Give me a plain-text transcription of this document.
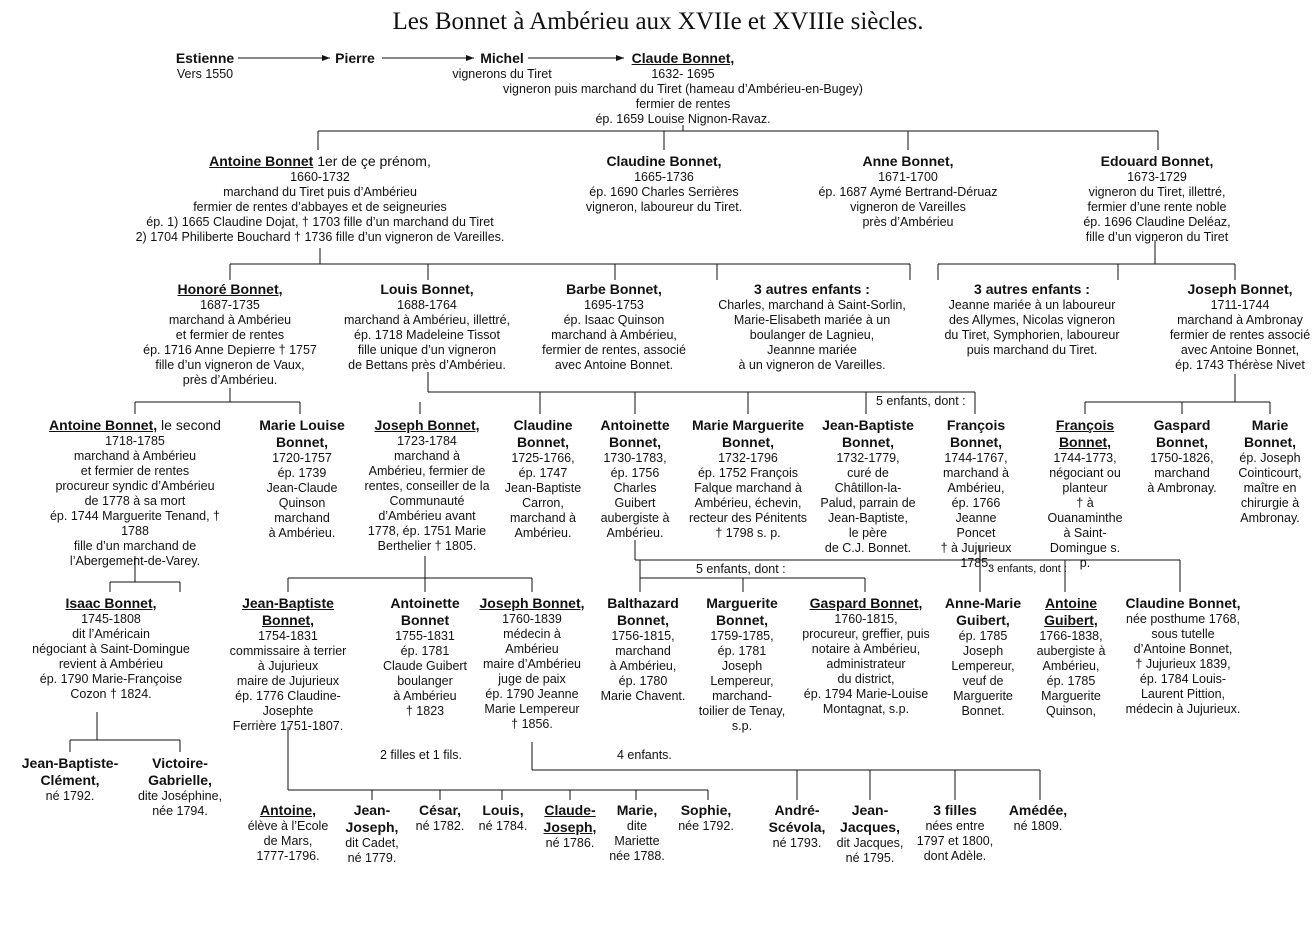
Les Bonnet à Ambérieu aux XVIIe et XVIIIe siècles.
Estienne
Vers 1550
Pierre	Michel
vignerons du Tiret
Claude Bonnet,
1632- 1695
vigneron puis marchand du Tiret (hameau d’Ambérieu-en-Bugey)
fermier de rentes
ép. 1659 Louise Nignon-Ravaz.
Antoine Bonnet 1er de çe prénom,
1660-1732
marchand du Tiret puis d’Ambérieu
fermier de rentes d’abbayes et de seigneuries
ép. 1) 1665 Claudine Dojat, † 1703 fille d’un marchand du Tiret
2) 1704 Philiberte Bouchard † 1736 fille d’un vigneron de Vareilles.
Claudine Bonnet,
1665-1736
ép. 1690 Charles Serrières
vigneron, laboureur du Tiret.
Anne Bonnet,
1671-1700
ép. 1687 Aymé Bertrand-Déruaz
vigneron de Vareilles
près d’Ambérieu
Edouard Bonnet,
1673-1729
vigneron du Tiret, illettré,
fermier d’une rente noble
ép. 1696 Claudine Deléaz,
fille d’un vigneron du Tiret
Honoré Bonnet,
1687-1735
marchand à Ambérieu
et fermier de rentes
ép. 1716 Anne Depierre † 1757
fille d’un vigneron de Vaux,
près d’Ambérieu.
Louis Bonnet,
1688-1764
marchand à Ambérieu, illettré,
ép. 1718 Madeleine Tissot
fille unique d’un vigneron
de Bettans près d’Ambérieu.
Barbe Bonnet,
1695-1753
ép. Isaac Quinson
marchand à Ambérieu,
fermier de rentes, associé
avec Antoine Bonnet.
3 autres enfants :
Charles, marchand à Saint-Sorlin,
Marie-Elisabeth mariée à un
boulanger de Lagnieu,
Jeannne mariée
à un vigneron de Vareilles.
3 autres enfants :
Jeanne mariée à un laboureur
des Allymes, Nicolas vigneron
du Tiret, Symphorien, laboureur
puis marchand du Tiret.
Joseph Bonnet,
1711-1744
marchand à Ambronay
fermier de rentes associé
avec Antoine Bonnet,
ép. 1743 Thérèse Nivet
Antoine Bonnet, le second
1718-1785
marchand à Ambérieu
et fermier de rentes
procureur syndic d’Ambérieu
de 1778 à sa mort
ép. 1744 Marguerite Tenand, † 1788
fille d’un marchand de
l’Abergement-de-Varey.
Marie Louise Bonnet,
1720-1757
ép. 1739
Jean-Claude
Quinson
marchand
à Ambérieu.
Joseph Bonnet,
1723-1784
marchand à
Ambérieu, fermier de
rentes, conseiller de la
Communauté
d’Ambérieu avant
1778, ép. 1751 Marie
Berthelier † 1805.
Claudine Bonnet,
1725-1766,
ép. 1747
Jean-Baptiste
Carron,
marchand à
Ambérieu.
Antoinette Bonnet,
1730-1783,
ép. 1756
Charles
Guibert
aubergiste à
Ambérieu.
Marie Marguerite Bonnet,
1732-1796
ép. 1752 François
Falque marchand à
Ambérieu, échevin,
recteur des Pénitents
† 1798 s. p.
Jean-Baptiste Bonnet,
1732-1779,
curé de
Châtillon-la-
Palud, parrain de
Jean-Baptiste,
le père
de C.J. Bonnet.
François Bonnet,
1744-1767,
marchand à
Ambérieu,
ép. 1766
Jeanne Poncet
† à Jujurieux 1785.
François Bonnet,
1744-1773,
négociant ou
planteur
† à Ouanaminthe
à Saint-
Domingue s. p.
Gaspard Bonnet,
1750-1826,
marchand
à Ambronay.
Marie Bonnet,
ép. Joseph
Cointicourt,
maître en
chirurgie à
Ambronay.
Isaac Bonnet,
1745-1808
dit l’Américain
négociant à Saint-Domingue
revient à Ambérieu
ép. 1790 Marie-Françoise
Cozon † 1824.
Jean-Baptiste Bonnet,
1754-1831
commissaire à terrier
à Jujurieux
maire de Jujurieux
ép. 1776 Claudine-Josephte
Ferrière 1751-1807.
Antoinette Bonnet
1755-1831
ép. 1781
Claude Guibert
boulanger
à Ambérieu
† 1823
Joseph Bonnet,
1760-1839
médecin à
Ambérieu
maire d’Ambérieu
juge de paix
ép. 1790 Jeanne
Marie Lempereur
† 1856.
Balthazard Bonnet,
1756-1815,
marchand
à Ambérieu,
ép. 1780
Marie Chavent.
Marguerite Bonnet,
1759-1785,
ép. 1781
Joseph
Lempereur,
marchand-
toilier de Tenay,
s.p.
Gaspard Bonnet,
1760-1815,
procureur, greffier, puis
notaire à Ambérieu,
administrateur
du district,
ép. 1794 Marie-Louise
Montagnat, s.p.
Anne-Marie Guibert,
ép. 1785
Joseph
Lempereur,
veuf de
Marguerite
Bonnet.
Antoine Guibert,
1766-1838,
aubergiste à
Ambérieu,
ép. 1785
Marguerite
Quinson,
Claudine Bonnet,
née posthume 1768,
sous tutelle
d’Antoine Bonnet,
† Jujurieux 1839,
ép. 1784 Louis-
Laurent Pittion,
médecin à Jujurieux.
Jean-Baptiste-Clément,
né 1792.
Victoire-Gabrielle,
dite Joséphine,
née 1794.	Antoine,
élève à l’Ecole
de Mars,
1777-1796.
Jean-Joseph,
dit Cadet,
né 1779.
César,
né 1782.
Louis,
né 1784.
Claude-Joseph,
né 1786.
Marie,
dite
Mariette
née 1788.
Sophie,
née 1792.
André-Scévola,
né 1793.
Jean-Jacques,
dit Jacques,
né 1795.
3 filles
nées entre
1797 et 1800,
dont Adèle.
Amédée,
né 1809.
5 enfants, dont :
5 enfants, dont :	3 enfants, dont :
2 filles et 1 fils.	4 enfants.
